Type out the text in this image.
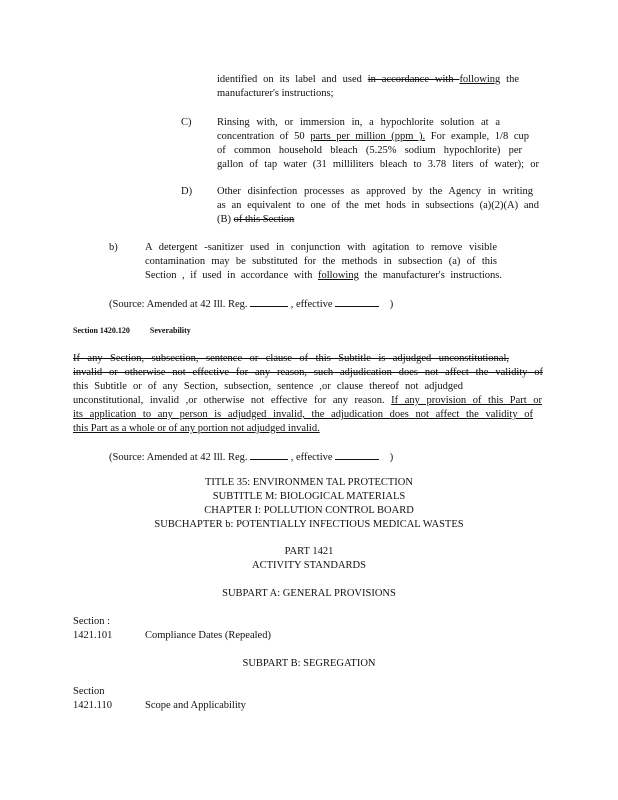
identified on its label and used in accordance with following the
manufacturer's instructions;
C) Rinsing with, or immersion in, a hypochlorite solution at a
concentration of 50 parts per million (ppm ). For example, 1/8 cup
of common household bleach (5.25% sodium hypochlorite) per
gallon of tap water (31 milliliters bleach to 3.78 liters of water); or
D) Other disinfection processes as approved by the Agency in writing
as an equivalent to one of the met hods in subsections (a)(2)(A) and
(B) of this Section
b)	A detergent -sanitizer used in conjunction with agitation to remove visible
contamination may be substituted for the methods in subsection (a) of this
Section , if used in accordance with following the manufacturer's instructions.
(Source: Amended at 42 Ill. Reg.	, effective	)
Section 1420.120	Severability
If any Section, subsection, sentence or clause of this Subtitle is adjudged unconstitutional,
invalid or otherwise not effective for any reason, such adjudication does not affect the validity of
this Subtitle or of any Section, subsection, sentence ,or clause thereof not adjudged
unconstitutional, invalid ,or otherwise not effective for any reason. If any provision of this Part or
its application to any person is adjudged invalid, the adjudication does not affect the validity of
this Part as a whole or of any portion not adjudged invalid.
(Source: Amended at 42 Ill. Reg.	, effective	)
TITLE 35: ENVIRONMEN TAL PROTECTION
SUBTITLE M: BIOLOGICAL MATERIALS
CHAPTER I: POLLUTION CONTROL BOARD
SUBCHAPTER b: POTENTIALLY INFECTIOUS MEDICAL WASTES
PART 1421
ACTIVITY STANDARDS
SUBPART A: GENERAL PROVISIONS
Section :
1421.101	Compliance Dates (Repealed)
SUBPART B: SEGREGATION
Section
1421.110	Scope and Applicability
